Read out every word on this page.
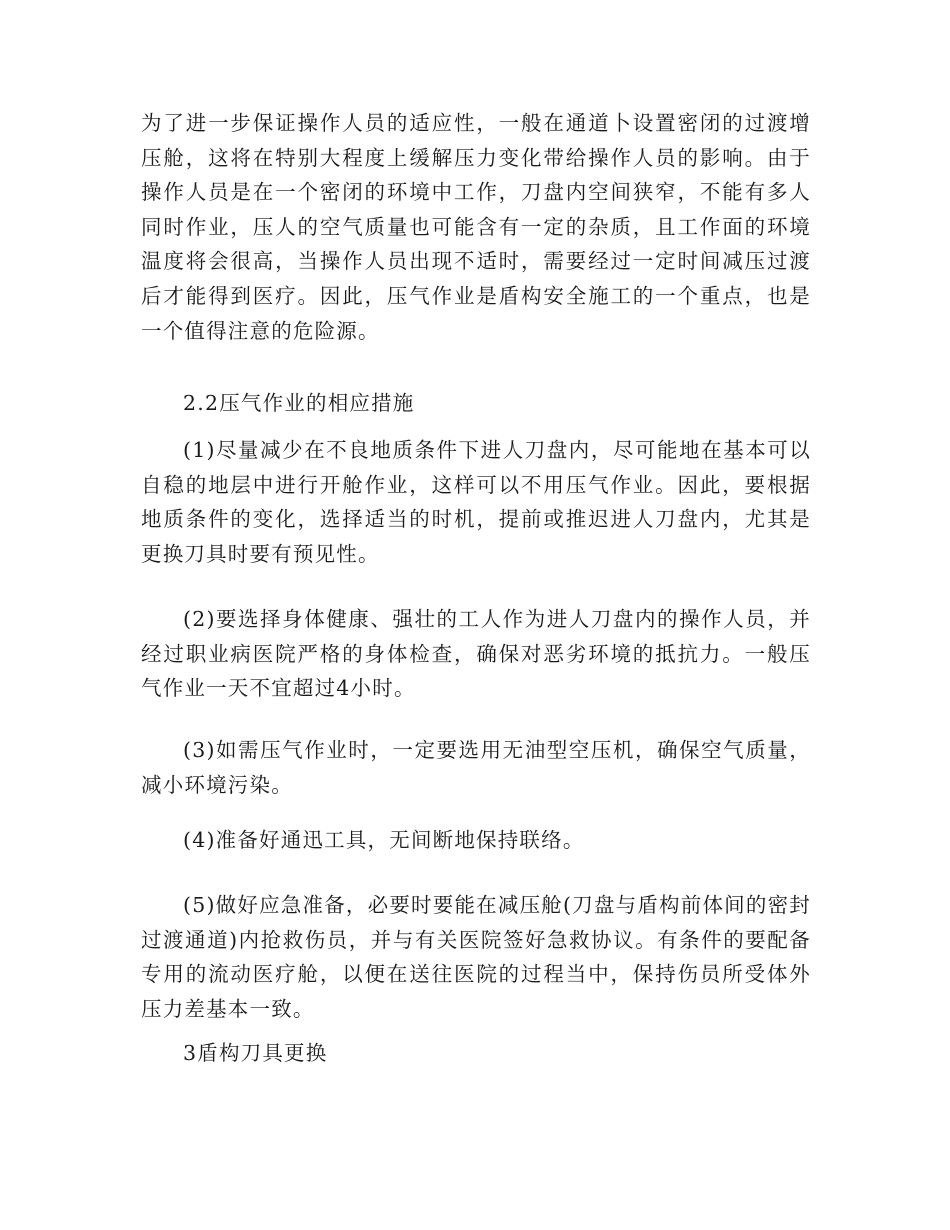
为了进一步保证操作人员的适应性，一般在通道卜设置密闭的过渡增压舱，这将在特别大程度上缓解压力变化带给操作人员的影响。由于操作人员是在一个密闭的环境中工作，刀盘内空间狭窄，不能有多人同时作业，压人的空气质量也可能含有一定的杂质，且工作面的环境温度将会很高，当操作人员出现不适时，需要经过一定时间减压过渡后才能得到医疗。因此，压气作业是盾构安全施工的一个重点，也是一个值得注意的危险源。

2.2压气作业的相应措施

(1)尽量减少在不良地质条件下进人刀盘内，尽可能地在基本可以自稳的地层中进行开舱作业，这样可以不用压气作业。因此，要根据地质条件的变化，选择适当的时机，提前或推迟进人刀盘内，尤其是更换刀具时要有预见性。

(2)要选择身体健康、强壮的工人作为进人刀盘内的操作人员，并经过职业病医院严格的身体检查，确保对恶劣环境的抵抗力。一般压气作业一天不宜超过4小时。

(3)如需压气作业时，一定要选用无油型空压机，确保空气质量，减小环境污染。

(4)准备好通迅工具，无间断地保持联络。

(5)做好应急准备，必要时要能在减压舱(刀盘与盾构前体间的密封过渡通道)内抢救伤员，并与有关医院签好急救协议。有条件的要配备专用的流动医疗舱，以便在送往医院的过程当中，保持伤员所受体外压力差基本一致。

3盾构刀具更换
